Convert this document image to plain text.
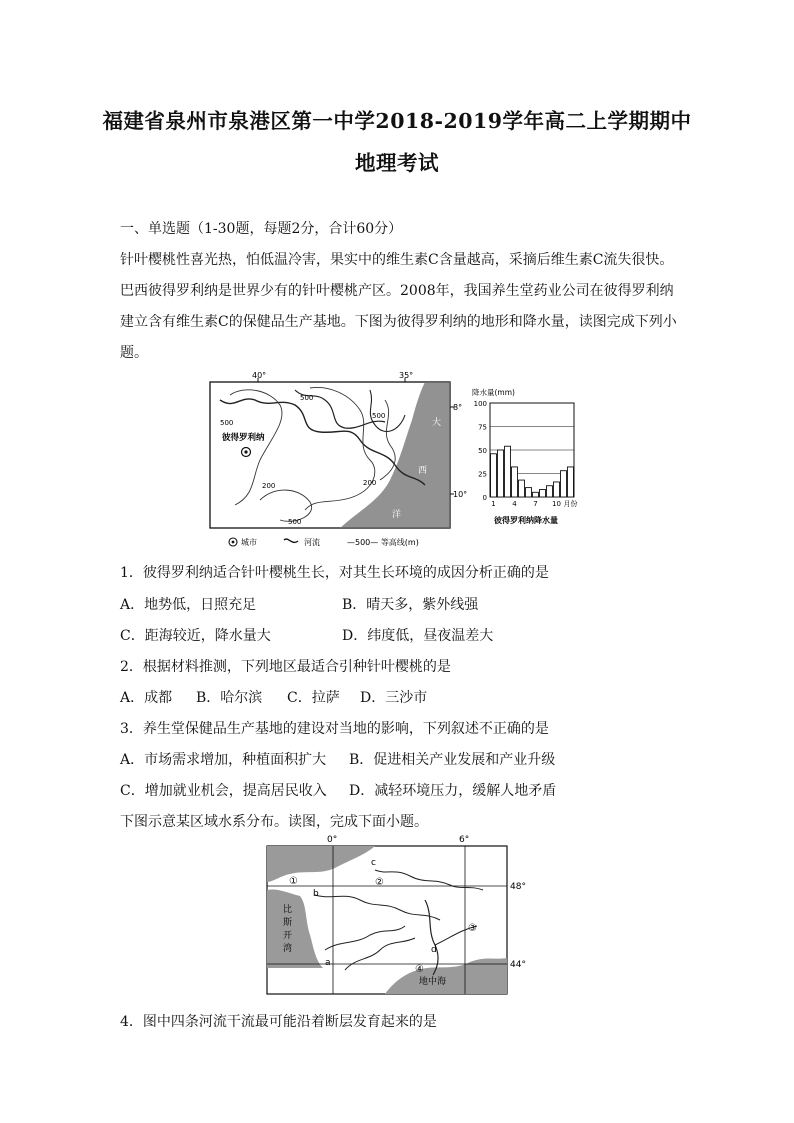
福建省泉州市泉港区第一中学2018-2019学年高二上学期期中
地理考试
一、单选题（1-30题，每题2分，合计60分）
针叶樱桃性喜光热，怕低温冷害，果实中的维生素C含量越高，采摘后维生素C流失很快。
巴西彼得罗利纳是世界少有的针叶樱桃产区。2008年，我国养生堂药业公司在彼得罗利纳
建立含有维生素C的保健品生产基地。下图为彼得罗利纳的地形和降水量，读图完成下列小
题。
40°	35°
8°
10°
500
500
500
200	200
500
彼得罗利纳
大
西
洋
城市	河流	—500— 等高线(m)
降水量(mm)
0
25
50
75
100
1 4 7 10 月份
彼得罗利纳降水量
1．彼得罗利纳适合针叶樱桃生长，对其生长环境的成因分析正确的是
A．地势低，日照充足	B．晴天多，紫外线强
C．距海较近，降水量大	D．纬度低，昼夜温差大
2．根据材料推测，下列地区最适合引种针叶樱桃的是
A．成都 B．哈尔滨 C．拉萨 D．三沙市
3．养生堂保健品生产基地的建设对当地的影响，下列叙述不正确的是
A．市场需求增加，种植面积扩大 B．促进相关产业发展和产业升级
C．增加就业机会，提高居民收入 D．减轻环境压力，缓解人地矛盾
下图示意某区域水系分布。读图，完成下面小题。
0°	6°
48°
44°
比
斯
开
湾
地中海
①	②
③
④
a
b
c
d
4．图中四条河流干流最可能沿着断层发育起来的是
